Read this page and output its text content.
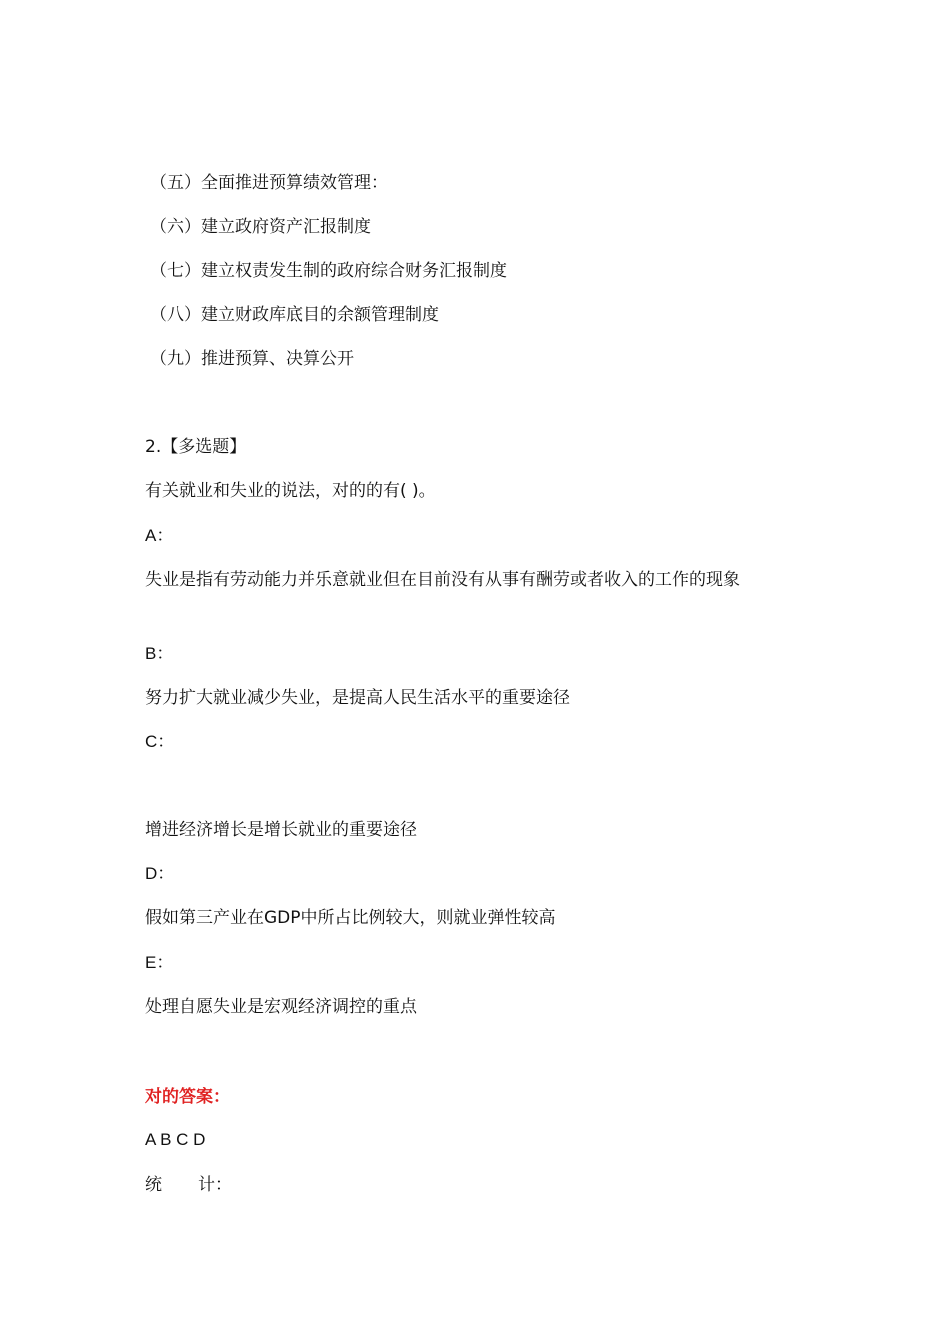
（五）全面推进预算绩效管理：
（六）建立政府资产汇报制度
（七）建立权责发生制的政府综合财务汇报制度
（八）建立财政库底目的余额管理制度
（九）推进预算、决算公开
2.【多选题】
有关就业和失业的说法，对的的有( )。
A：
失业是指有劳动能力并乐意就业但在目前没有从事有酬劳或者收入的工作的现象
B：
努力扩大就业减少失业，是提高人民生活水平的重要途径
C：
增进经济增长是增长就业的重要途径
D：
假如第三产业在GDP中所占比例较大，则就业弹性较高
E：
处理自愿失业是宏观经济调控的重点
对的答案：
A B C D
统 计：
